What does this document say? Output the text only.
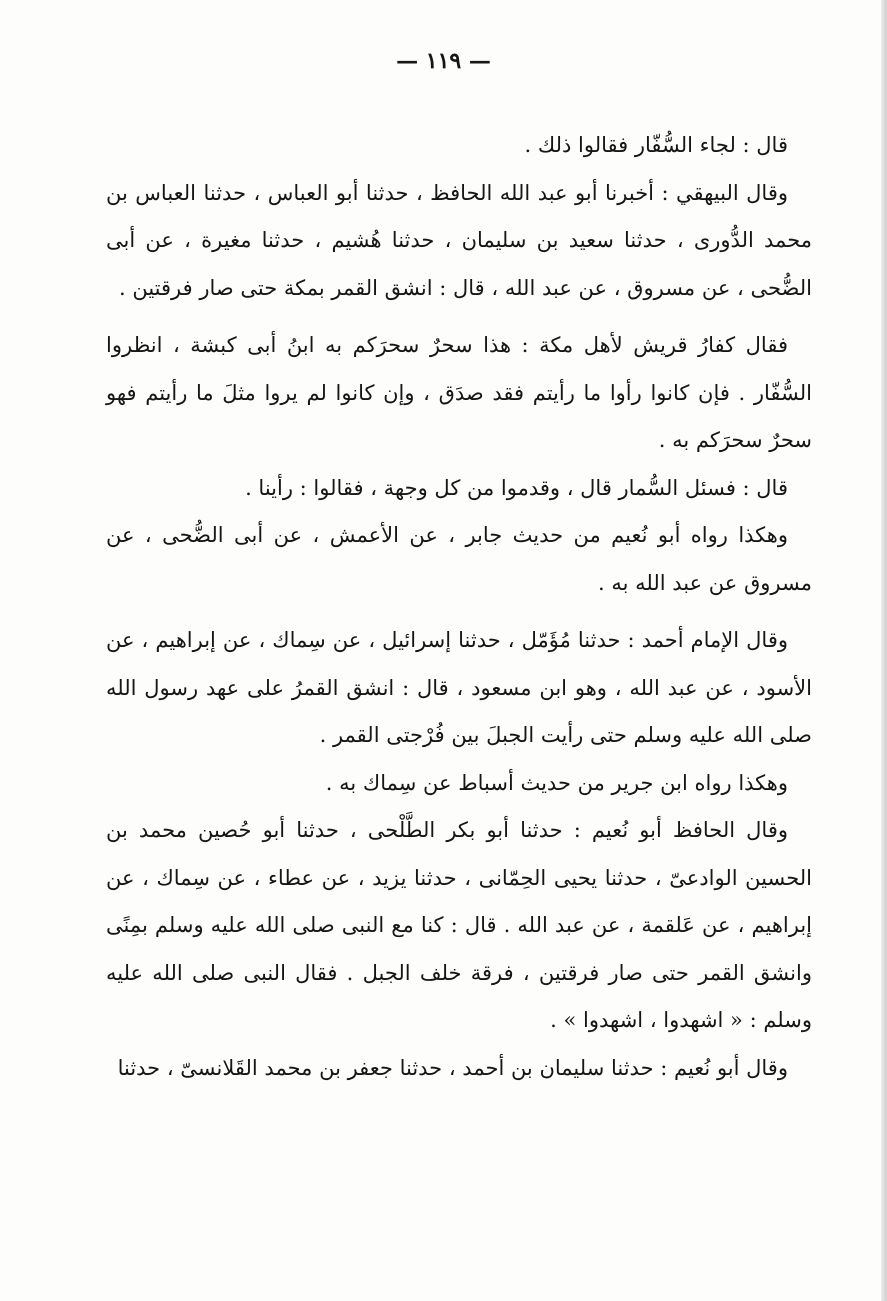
— ١١٩ —

قال : لجاء السُّفّار فقالوا ذلك .

وقال البيهقي : أخبرنا أبو عبد الله الحافظ ، حدثنا أبو العباس ، حدثنا العباس بن محمد الدُّورى ، حدثنا سعيد بن سليمان ، حدثنا هُشيم ، حدثنا مغيرة ، عن أبى الضُّحى ، عن مسروق ، عن عبد الله ، قال : انشق القمر بمكة حتى صار فرقتين .

فقال كفارُ قريش لأهل مكة : هذا سحرٌ سحرَكم به ابنُ أبى كبشة ، انظروا السُّفّار . فإن كانوا رأوا ما رأيتم فقد صدَق ، وإن كانوا لم يروا مثلَ ما رأيتم فهو سحرٌ سحرَكم به .

قال : فسئل السُّمار قال ، وقدموا من كل وجهة ، فقالوا : رأينا .

وهكذا رواه أبو نُعيم من حديث جابر ، عن الأعمش ، عن أبى الضُّحى ، عن مسروق عن عبد الله به .

وقال الإمام أحمد : حدثنا مُؤَمّل ، حدثنا إسرائيل ، عن سِماك ، عن إبراهيم ، عن الأسود ، عن عبد الله ، وهو ابن مسعود ، قال : انشق القمرُ على عهد رسول الله صلى الله عليه وسلم حتى رأيت الجبلَ بين فُرْجتى القمر .

وهكذا رواه ابن جرير من حديث أسباط عن سِماك به .

وقال الحافظ أبو نُعيم : حدثنا أبو بكر الطَّلْحى ، حدثنا أبو حُصين محمد بن الحسين الوادعىّ ، حدثنا يحيى الحِمّانى ، حدثنا يزيد ، عن عطاء ، عن سِماك ، عن إبراهيم ، عن عَلقمة ، عن عبد الله . قال : كنا مع النبى صلى الله عليه وسلم بمِنًى وانشق القمر حتى صار فرقتين ، فرقة خلف الجبل . فقال النبى صلى الله عليه وسلم : « اشهدوا ، اشهدوا » .

وقال أبو نُعيم : حدثنا سليمان بن أحمد ، حدثنا جعفر بن محمد القَلانسىّ ، حدثنا
